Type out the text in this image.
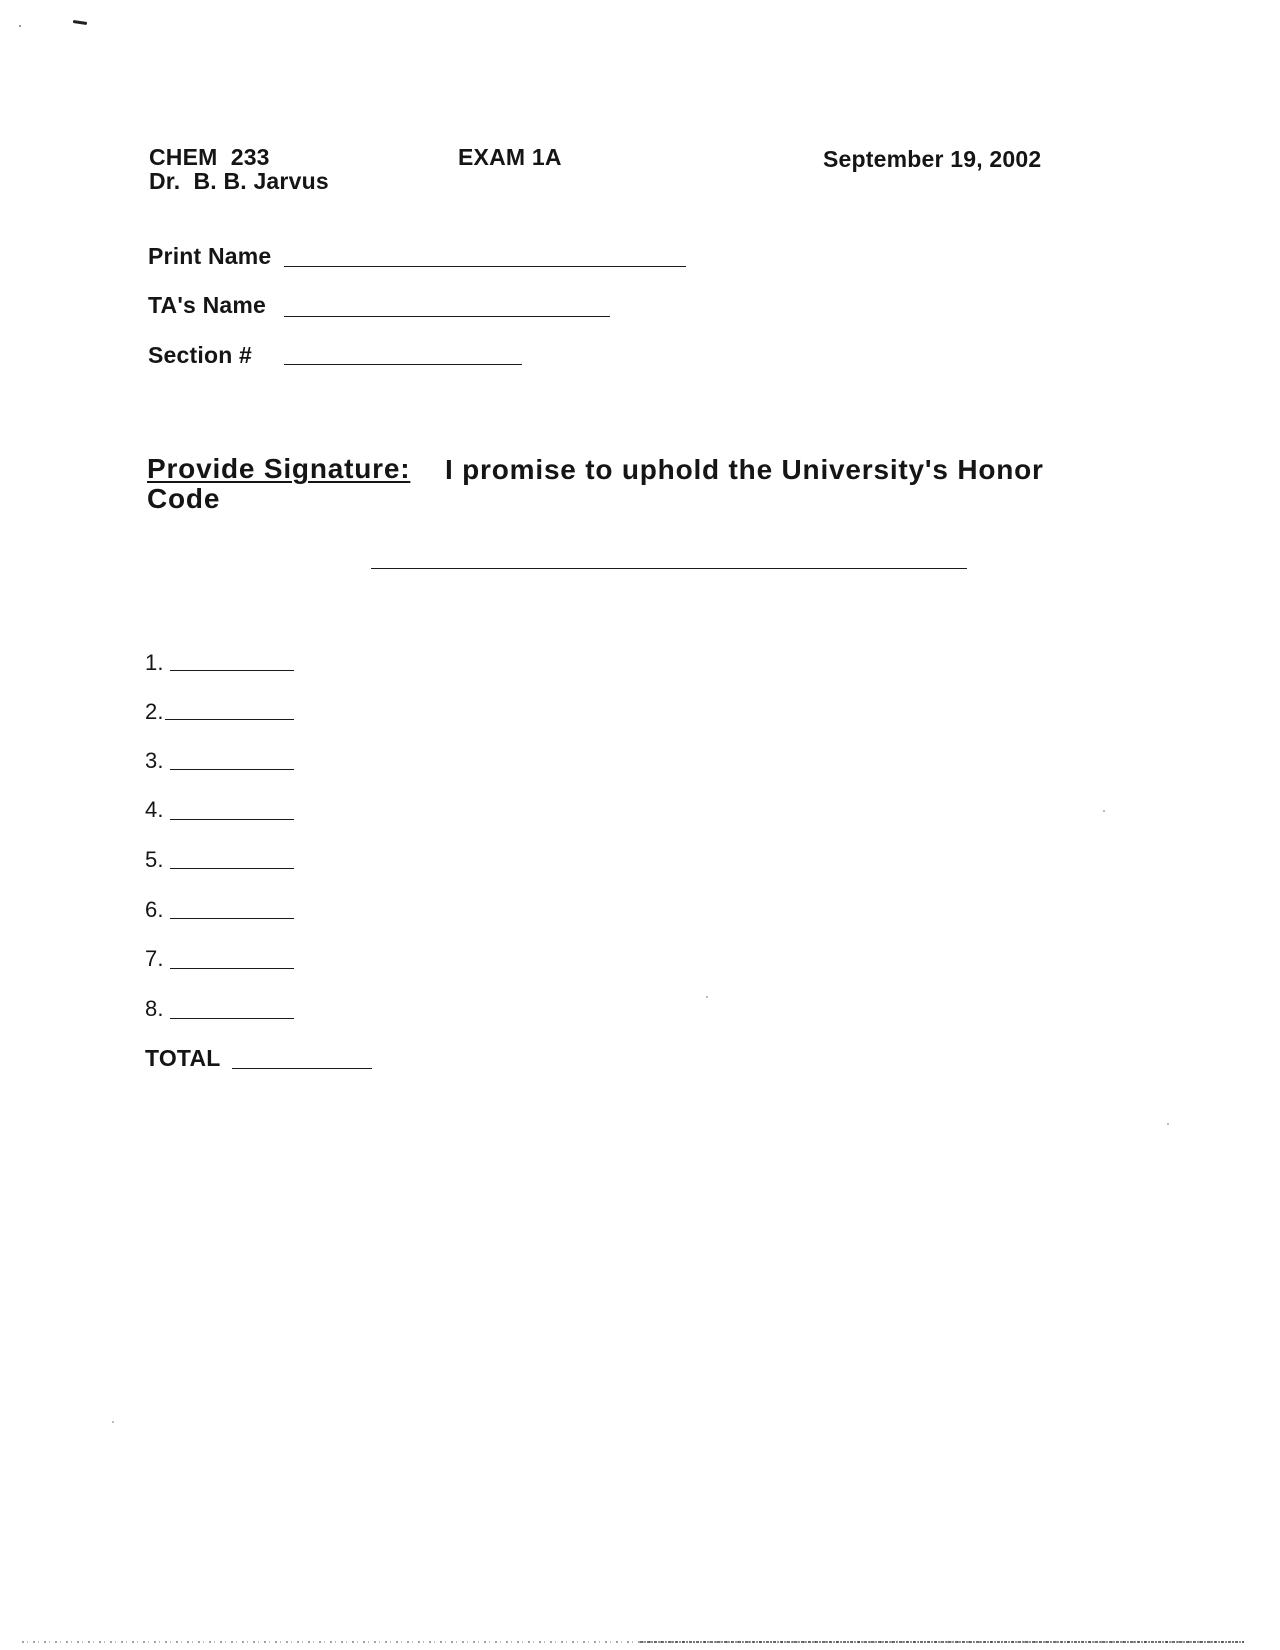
CHEM  233
Dr.  B. B. Jarvus
EXAM 1A	September 19, 2002
Print Name
TA's Name
Section #
Provide Signature: I promise to uphold the University's Honor
Code
1.
2.
3.
4.
5.
6.
7.
8.
TOTAL
